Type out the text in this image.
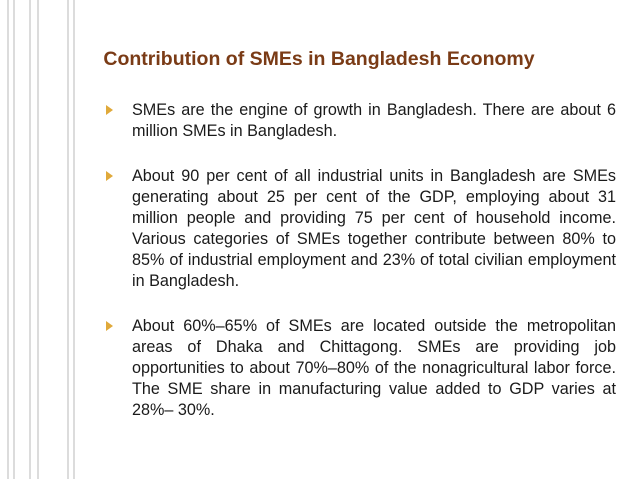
Contribution of SMEs in Bangladesh Economy
SMEs are the engine of growth in Bangladesh. There are about 6 million SMEs in Bangladesh.
About 90 per cent of all industrial units in Bangladesh are SMEs generating about 25 per cent of the GDP, employing about 31 million people and providing 75 per cent of household income. Various categories of SMEs together contribute between 80% to 85% of industrial employment and 23% of total civilian employment in Bangladesh.
About 60%–65% of SMEs are located outside the metropolitan areas of Dhaka and Chittagong. SMEs are providing job opportunities to about 70%–80% of the nonagricultural labor force. The SME share in manufacturing value added to GDP varies at 28%– 30%.
